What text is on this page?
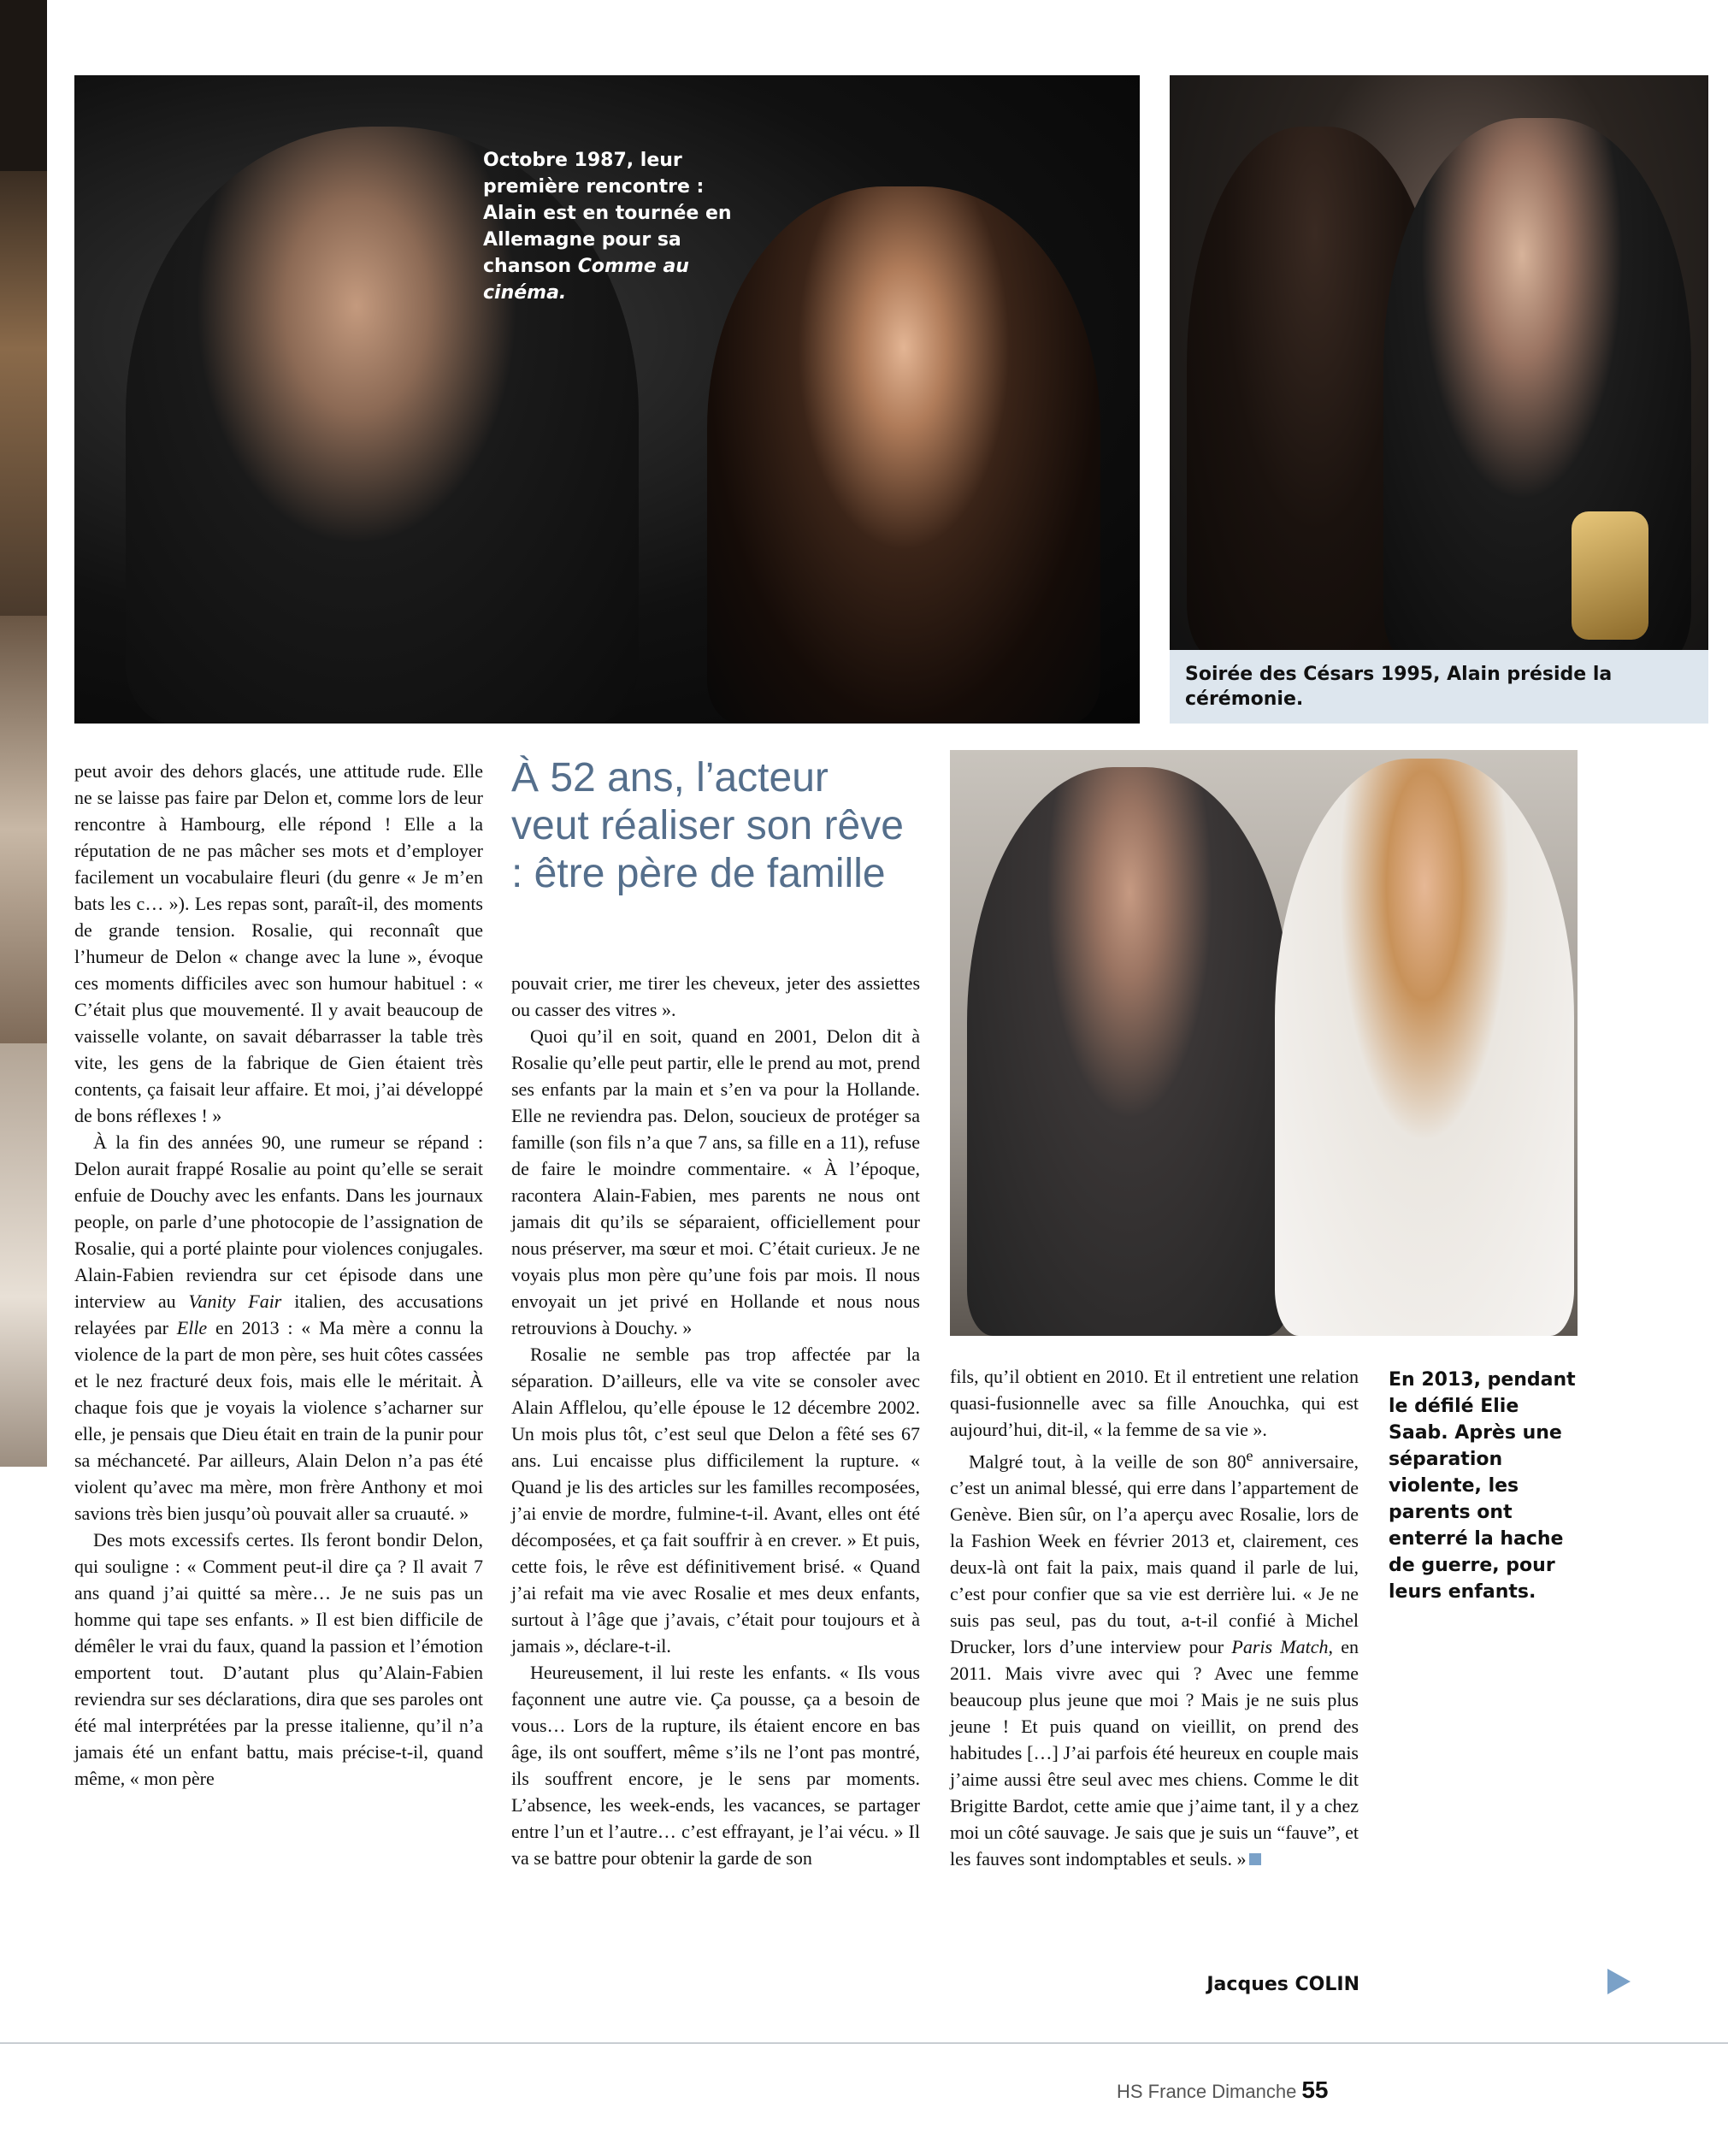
Octobre 1987, leur première rencontre : Alain est en tournée en Allemagne pour sa chanson Comme au cinéma.
Soirée des Césars 1995, Alain préside la cérémonie.

peut avoir des dehors glacés, une attitude rude. Elle ne se laisse pas faire par Delon et, comme lors de leur rencontre à Hambourg, elle répond ! Elle a la réputation de ne pas mâcher ses mots et d’employer facilement un vocabulaire fleuri (du genre « Je m’en bats les c… »). Les repas sont, paraît-il, des moments de grande tension. Rosalie, qui reconnaît que l’humeur de Delon « change avec la lune », évoque ces moments difficiles avec son humour habituel : « C’était plus que mouvementé. Il y avait beaucoup de vaisselle volante, on savait débarrasser la table très vite, les gens de la fabrique de Gien étaient très contents, ça faisait leur affaire. Et moi, j’ai développé de bons réflexes ! »

À la fin des années 90, une rumeur se répand : Delon aurait frappé Rosalie au point qu’elle se serait enfuie de Douchy avec les enfants. Dans les journaux people, on parle d’une photocopie de l’assignation de Rosalie, qui a porté plainte pour violences conjugales. Alain-Fabien reviendra sur cet épisode dans une interview au Vanity Fair italien, des accusations relayées par Elle en 2013 : « Ma mère a connu la violence de la part de mon père, ses huit côtes cassées et le nez fracturé deux fois, mais elle le méritait. À chaque fois que je voyais la violence s’acharner sur elle, je pensais que Dieu était en train de la punir pour sa méchanceté. Par ailleurs, Alain Delon n’a pas été violent qu’avec ma mère, mon frère Anthony et moi savions très bien jusqu’où pouvait aller sa cruauté. »

Des mots excessifs certes. Ils feront bondir Delon, qui souligne : « Comment peut-il dire ça ? Il avait 7 ans quand j’ai quitté sa mère… Je ne suis pas un homme qui tape ses enfants. » Il est bien difficile de démêler le vrai du faux, quand la passion et l’émotion emportent tout. D’autant plus qu’Alain-Fabien reviendra sur ses déclarations, dira que ses paroles ont été mal interprétées par la presse italienne, qu’il n’a jamais été un enfant battu, mais précise-t-il, quand même, « mon père

À 52 ans, l’acteur veut réaliser son rêve : être père de famille

pouvait crier, me tirer les cheveux, jeter des assiettes ou casser des vitres ».

Quoi qu’il en soit, quand en 2001, Delon dit à Rosalie qu’elle peut partir, elle le prend au mot, prend ses enfants par la main et s’en va pour la Hollande. Elle ne reviendra pas. Delon, soucieux de protéger sa famille (son fils n’a que 7 ans, sa fille en a 11), refuse de faire le moindre commentaire. « À l’époque, racontera Alain-Fabien, mes parents ne nous ont jamais dit qu’ils se séparaient, officiellement pour nous préserver, ma sœur et moi. C’était curieux. Je ne voyais plus mon père qu’une fois par mois. Il nous envoyait un jet privé en Hollande et nous nous retrouvions à Douchy. »

Rosalie ne semble pas trop affectée par la séparation. D’ailleurs, elle va vite se consoler avec Alain Afflelou, qu’elle épouse le 12 décembre 2002. Un mois plus tôt, c’est seul que Delon a fêté ses 67 ans. Lui encaisse plus difficilement la rupture. « Quand je lis des articles sur les familles recomposées, j’ai envie de mordre, fulmine-t-il. Avant, elles ont été décomposées, et ça fait souffrir à en crever. » Et puis, cette fois, le rêve est définitivement brisé. « Quand j’ai refait ma vie avec Rosalie et mes deux enfants, surtout à l’âge que j’avais, c’était pour toujours et à jamais », déclare-t-il.

Heureusement, il lui reste les enfants. « Ils vous façonnent une autre vie. Ça pousse, ça a besoin de vous… Lors de la rupture, ils étaient encore en bas âge, ils ont souffert, même s’ils ne l’ont pas montré, ils souffrent encore, je le sens par moments. L’absence, les week-ends, les vacances, se partager entre l’un et l’autre… c’est effrayant, je l’ai vécu. » Il va se battre pour obtenir la garde de son

En 2013, pendant le défilé Elie Saab. Après une séparation violente, les parents ont enterré la hache de guerre, pour leurs enfants.

fils, qu’il obtient en 2010. Et il entretient une relation quasi-fusionnelle avec sa fille Anouchka, qui est aujourd’hui, dit-il, « la femme de sa vie ».

Malgré tout, à la veille de son 80e anniversaire, c’est un animal blessé, qui erre dans l’appartement de Genève. Bien sûr, on l’a aperçu avec Rosalie, lors de la Fashion Week en février 2013 et, clairement, ces deux-là ont fait la paix, mais quand il parle de lui, c’est pour confier que sa vie est derrière lui. « Je ne suis pas seul, pas du tout, a-t-il confié à Michel Drucker, lors d’une interview pour Paris Match, en 2011. Mais vivre avec qui ? Avec une femme beaucoup plus jeune que moi ? Mais je ne suis plus jeune ! Et puis quand on vieillit, on prend des habitudes […] J’ai parfois été heureux en couple mais j’aime aussi être seul avec mes chiens. Comme le dit Brigitte Bardot, cette amie que j’aime tant, il y a chez moi un côté sauvage. Je sais que je suis un “fauve”, et les fauves sont indomptables et seuls. »

Jacques COLIN
HS France Dimanche 55
